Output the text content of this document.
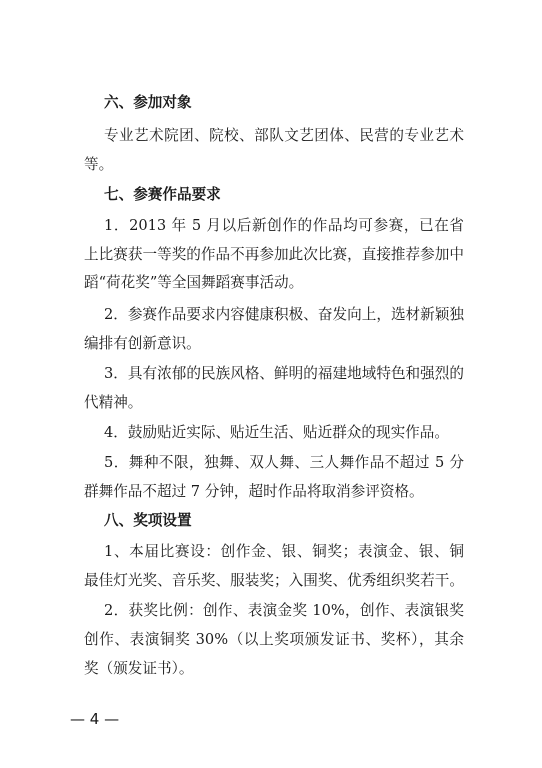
六、参加对象
专业艺术院团、院校、部队文艺团体、民营的专业艺术
等。
七、参赛作品要求
1．2013 年 5 月以后新创作的作品均可参赛，已在省
上比赛获一等奖的作品不再参加此次比赛，直接推荐参加中
蹈“荷花奖”等全国舞蹈赛事活动。
2．参赛作品要求内容健康积极、奋发向上，选材新颖独
编排有创新意识。
3．具有浓郁的民族风格、鲜明的福建地域特色和强烈的
代精神。
4．鼓励贴近实际、贴近生活、贴近群众的现实作品。
5．舞种不限，独舞、双人舞、三人舞作品不超过 5 分
群舞作品不超过 7 分钟，超时作品将取消参评资格。
八、奖项设置
1、本届比赛设：创作金、银、铜奖；表演金、银、铜
最佳灯光奖、音乐奖、服装奖；入围奖、优秀组织奖若干。
2．获奖比例：创作、表演金奖 10%，创作、表演银奖
创作、表演铜奖 30%（以上奖项颁发证书、奖杯），其余
奖（颁发证书）。
— 4 —
